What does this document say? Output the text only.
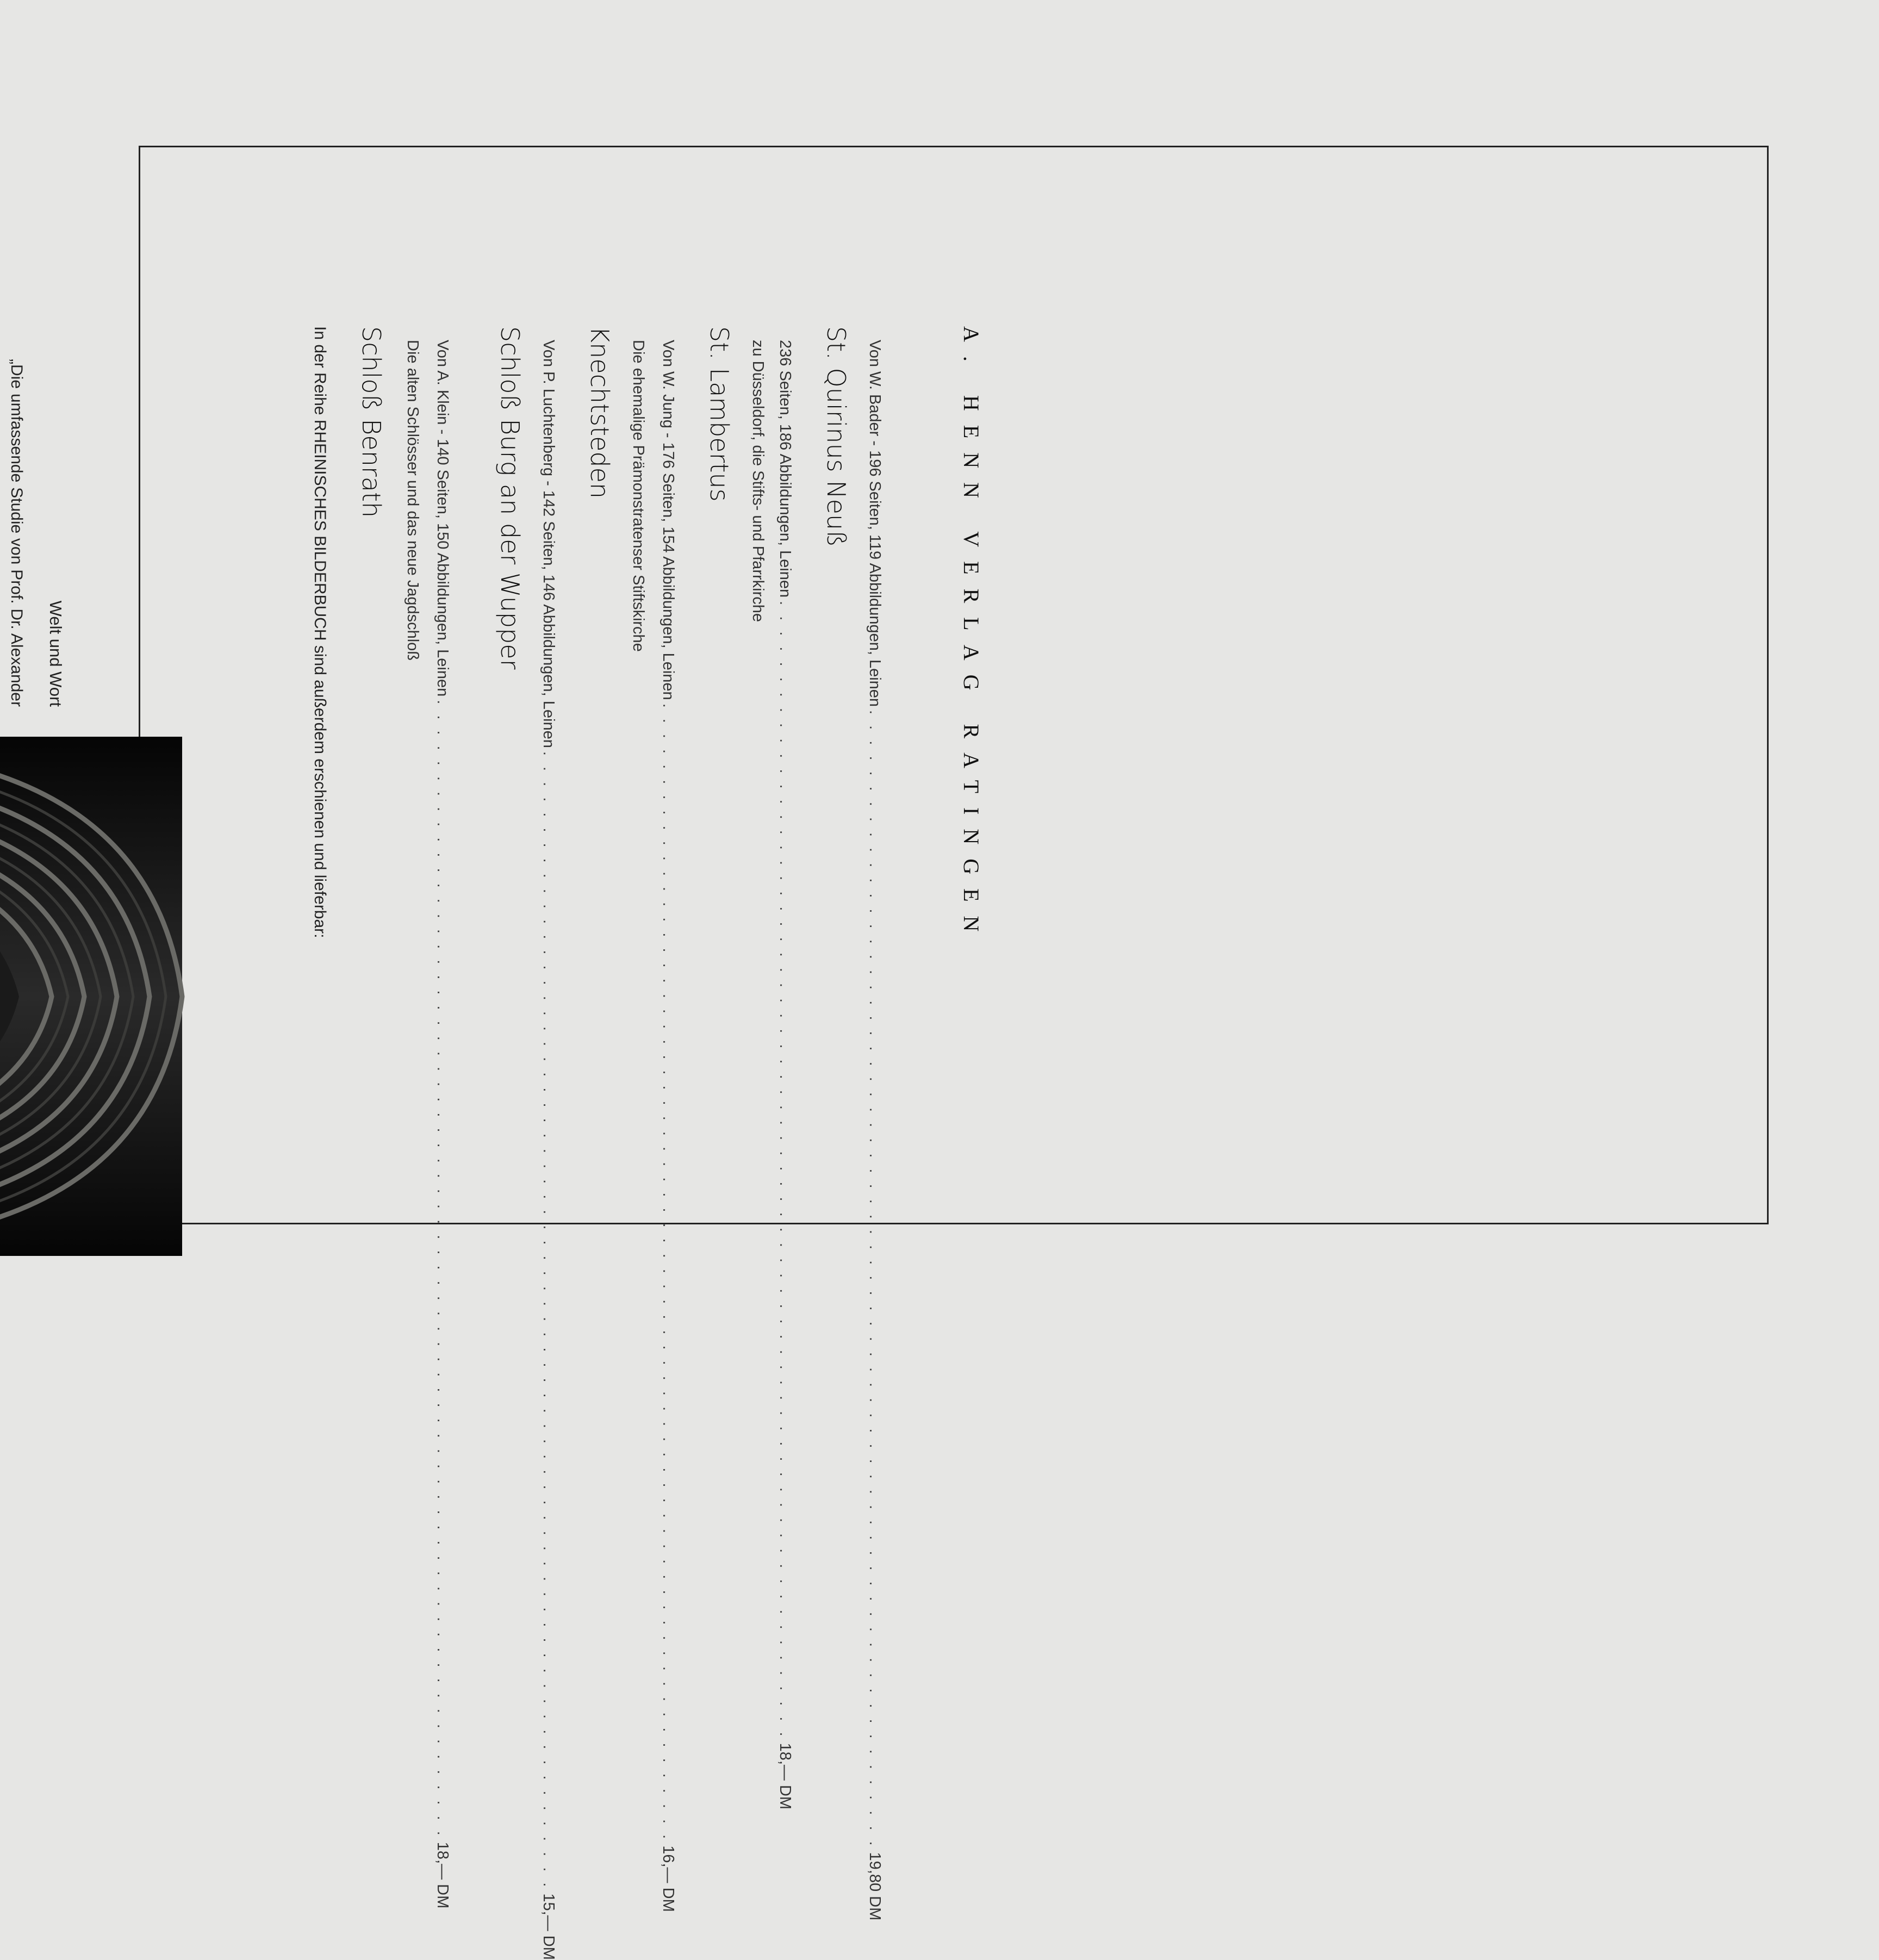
„Die umfassende Studie von Prof. Dr. Alexander Welt und Wort	In der Reihe RHEINISCHES BILDERBUCH sind außerdem erschienen und lieferbar: Schloß Benrath Die alten Schlösser und das neue Jagdschloß Von A. Klein - 140 Seiten, 150 Abbildungen, Leinen
. . . . . . . . . . . . . . . . . . . . . . . . . . . . . . . . . . . . . . . . . . . . . . . . . . . . . . . . . . . . . . . . . . . . . . . . . . .
18,— DM
Schloß Burg an der Wupper Von P. Luchtenberg - 142 Seiten, 146 Abbildungen, Leinen
. . . . . . . . . . . . . . . . . . . . . . . . . . . . . . . . . . . . . . . . . . . . . . . . . . . . . . . . . . . . . . . . . . . . . . . . . . .
15,— DM
Knechtsteden Die ehemalige Prämonstratenser Stiftskirche Von W. Jung - 176 Seiten, 154 Abbildungen, Leinen
. . . . . . . . . . . . . . . . . . . . . . . . . . . . . . . . . . . . . . . . . . . . . . . . . . . . . . . . . . . . . . . . . . . . . . . . . . .
16,— DM
St. Lambertus zu Düsseldorf, die Stifts- und Pfarrkirche 236 Seiten, 186 Abbildungen, Leinen
. . . . . . . . . . . . . . . . . . . . . . . . . . . . . . . . . . . . . . . . . . . . . . . . . . . . . . . . . . . . . . . . . . . . . . . . . . .
18,— DM
St. Quirinus Neuß Von W. Bader - 196 Seiten, 119 Abbildungen, Leinen
. . . . . . . . . . . . . . . . . . . . . . . . . . . . . . . . . . . . . . . . . . . . . . . . . . . . . . . . . . . . . . . . . . . . . . . . . . .
19,80 DM
A. HENN VERLAG RATINGEN
